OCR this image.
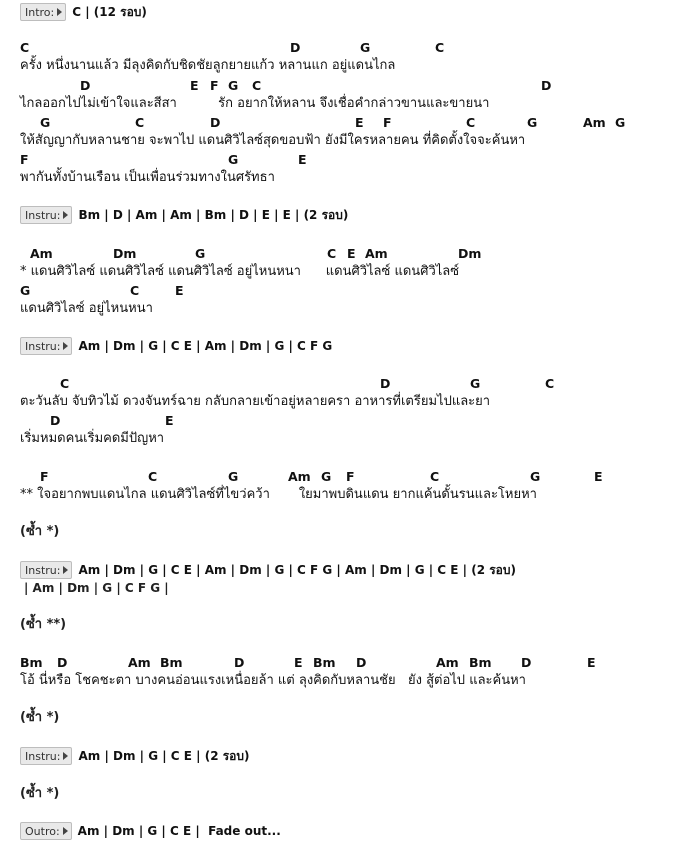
Intro: C | (12 รอบ)
C	D	G	C
ครั้ง หนึ่งนานแล้ว มีลุงคิดกับชิดชัยลูกยายแก้ว หลานแก อยู่แดนไกล
D	E F G C	D
ไกลออกไปไม่เข้าใจและสีสา          รัก อยากให้หลาน จึงเชื่อคำกล่าวขานและขายนา
G	C	D	E F	C	G	Am G
ให้สัญญากับหลานชาย จะพาไป แดนศิวิไลซ์สุดขอบฟ้า ยังมีใครหลายคน ที่คิดตั้งใจจะค้นหา
F	G	E
พากันทั้งบ้านเรือน เป็นเพื่อนร่วมทางในศรัทธา
Instru: Bm | D | Am | Am | Bm | D | E | E | (2 รอบ)
Am	Dm	G	C E Am	Dm
* แดนศิวิไลซ์ แดนศิวิไลซ์ แดนศิวิไลซ์ อยู่ไหนหนา      แดนศิวิไลซ์ แดนศิวิไลซ์
G	C	E
แดนศิวิไลซ์ อยู่ไหนหนา
Instru: Am | Dm | G | C E | Am | Dm | G | C F G
C	D	G	C
ตะวันลับ จับทิวไม้ ดวงจันทร์ฉาย กลับกลายเข้าอยู่หลายครา อาหารที่เตรียมไปและยา
D	E
เริ่มหมดคนเริ่มคดมีปัญหา
F	C	G	Am G F	C	G	E
** ใจอยากพบแดนไกล แดนศิวิไลซ์ที่ไขว่คว้า       ใยมาพบดินแดน ยากแค้นดั้นรนและโหยหา
(ซ้ำ *)
Instru: Am | Dm | G | C E | Am | Dm | G | C F G | Am | Dm | G | C E | (2 รอบ)
| Am | Dm | G | C F G |
(ซ้ำ **)
Bm D	Am Bm	D	E Bm D	Am Bm D	E
โอ้ นี่หรือ โชคชะตา บางคนอ่อนแรงเหนื่อยล้า แต่ ลุงคิดกับหลานชัย   ยัง สู้ต่อไป และค้นหา
(ซ้ำ *)
Instru: Am | Dm | G | C E | (2 รอบ)
(ซ้ำ *)
Outro: Am | Dm | G | C E |  Fade out...
